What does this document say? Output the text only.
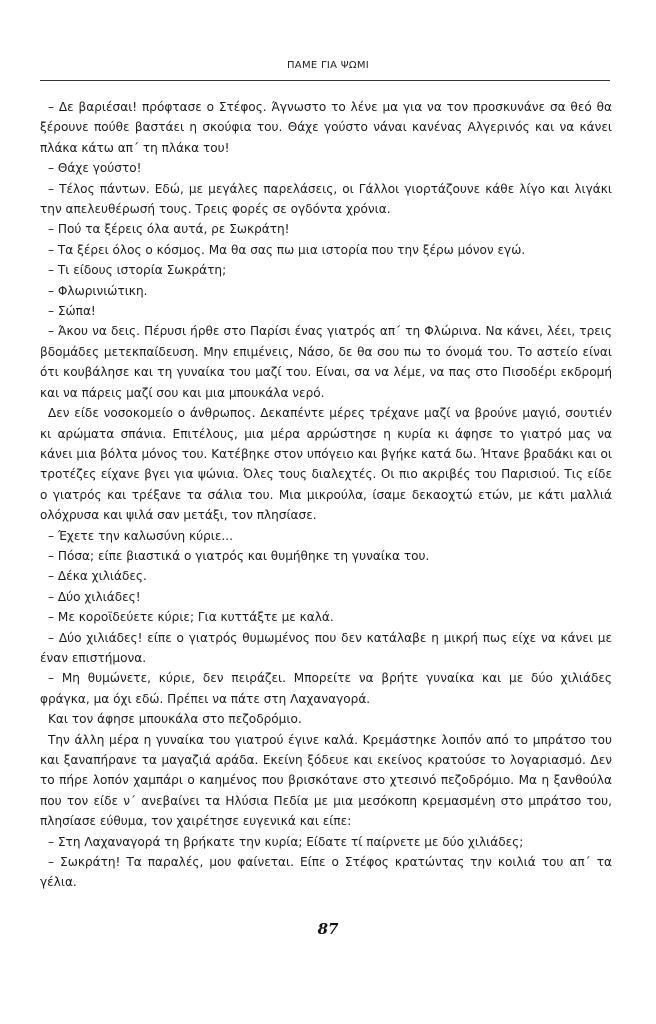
ΠΑΜΕ ΓΙΑ ΨΩΜΙ

– Δε βαριέσαι! πρόφτασε ο Στέφος. Άγνωστο το λένε μα για να τον προσκυνάνε σα θεό θα ξέρουνε πούθε βαστάει η σκούφια του. Θάχε γούστο νάναι κανένας Αλγερινός και να κάνει πλάκα κάτω απ΄ τη πλάκα του!

– Θάχε γούστο!

– Τέλος πάντων. Εδώ, με μεγάλες παρελάσεις, οι Γάλλοι γιορτάζουνε κάθε λίγο και λιγάκι την απελευθέρωσή τους. Τρεις φορές σε ογδόντα χρόνια.

– Πού τα ξέρεις όλα αυτά, ρε Σωκράτη!

– Τα ξέρει όλος ο κόσμος. Μα θα σας πω μια ιστορία που την ξέρω μόνον εγώ.

– Τι είδους ιστορία Σωκράτη;

– Φλωρινιώτικη.

– Σώπα!

– Άκου να δεις. Πέρυσι ήρθε στο Παρίσι ένας γιατρός απ΄ τη Φλώρινα. Να κάνει, λέει, τρεις βδομάδες μετεκπαίδευση. Μην επιμένεις, Νάσο, δε θα σου πω το όνομά του. Το αστείο είναι ότι κουβάλησε και τη γυναίκα του μαζί του. Είναι, σα να λέμε, να πας στο Πισοδέρι εκδρομή και να πάρεις μαζί σου και μια μπουκάλα νερό.

Δεν είδε νοσοκομείο ο άνθρωπος. Δεκαπέντε μέρες τρέχανε μαζί να βρούνε μαγιό, σουτιέν κι αρώματα σπάνια. Επιτέλους, μια μέρα αρρώστησε η κυρία κι άφησε το γιατρό μας να κάνει μια βόλτα μόνος του. Κατέβηκε στον υπόγειο και βγήκε κατά δω. Ήτανε βραδάκι και οι τροτέζες είχανε βγει για ψώνια. Όλες τους διαλεχτές. Οι πιο ακριβές του Παρισιού. Τις είδε ο γιατρός και τρέξανε τα σάλια του. Μια μικρούλα, ίσαμε δεκαοχτώ ετών, με κάτι μαλλιά ολόχρυσα και ψιλά σαν μετάξι, τον πλησίασε.

– Έχετε την καλωσύνη κύριε...

– Πόσα; είπε βιαστικά ο γιατρός και θυμήθηκε τη γυναίκα του.

– Δέκα χιλιάδες.

– Δύο χιλιάδες!

– Με κοροϊδεύετε κύριε; Για κυττάξτε με καλά.

– Δύο χιλιάδες! είπε ο γιατρός θυμωμένος που δεν κατάλαβε η μικρή πως είχε να κάνει με έναν επιστήμονα.

– Μη θυμώνετε, κύριε, δεν πειράζει. Μπορείτε να βρήτε γυναίκα και με δύο χιλιάδες φράγκα, μα όχι εδώ. Πρέπει να πάτε στη Λαχαναγορά.

Και τον άφησε μπουκάλα στο πεζοδρόμιο.

Την άλλη μέρα η γυναίκα του γιατρού έγινε καλά. Κρεμάστηκε λοιπόν από το μπράτσο του και ξαναπήρανε τα μαγαζιά αράδα. Εκείνη ξόδευε και εκείνος κρατούσε το λογαριασμό. Δεν το πήρε λοπόν χαμπάρι ο καημένος που βρισκότανε στο χτεσινό πεζοδρόμιο. Μα η ξανθούλα που τον είδε ν΄ ανεβαίνει τα Ηλύσια Πεδία με μια μεσόκοπη κρεμασμένη στο μπράτσο του, πλησίασε εύθυμα, τον χαιρέτησε ευγενικά και είπε:

– Στη Λαχαναγορά τη βρήκατε την κυρία; Είδατε τί παίρνετε με δύο χιλιάδες;

– Σωκράτη! Τα παραλές, μου φαίνεται. Είπε ο Στέφος κρατώντας την κοιλιά του απ΄ τα γέλια.

87
